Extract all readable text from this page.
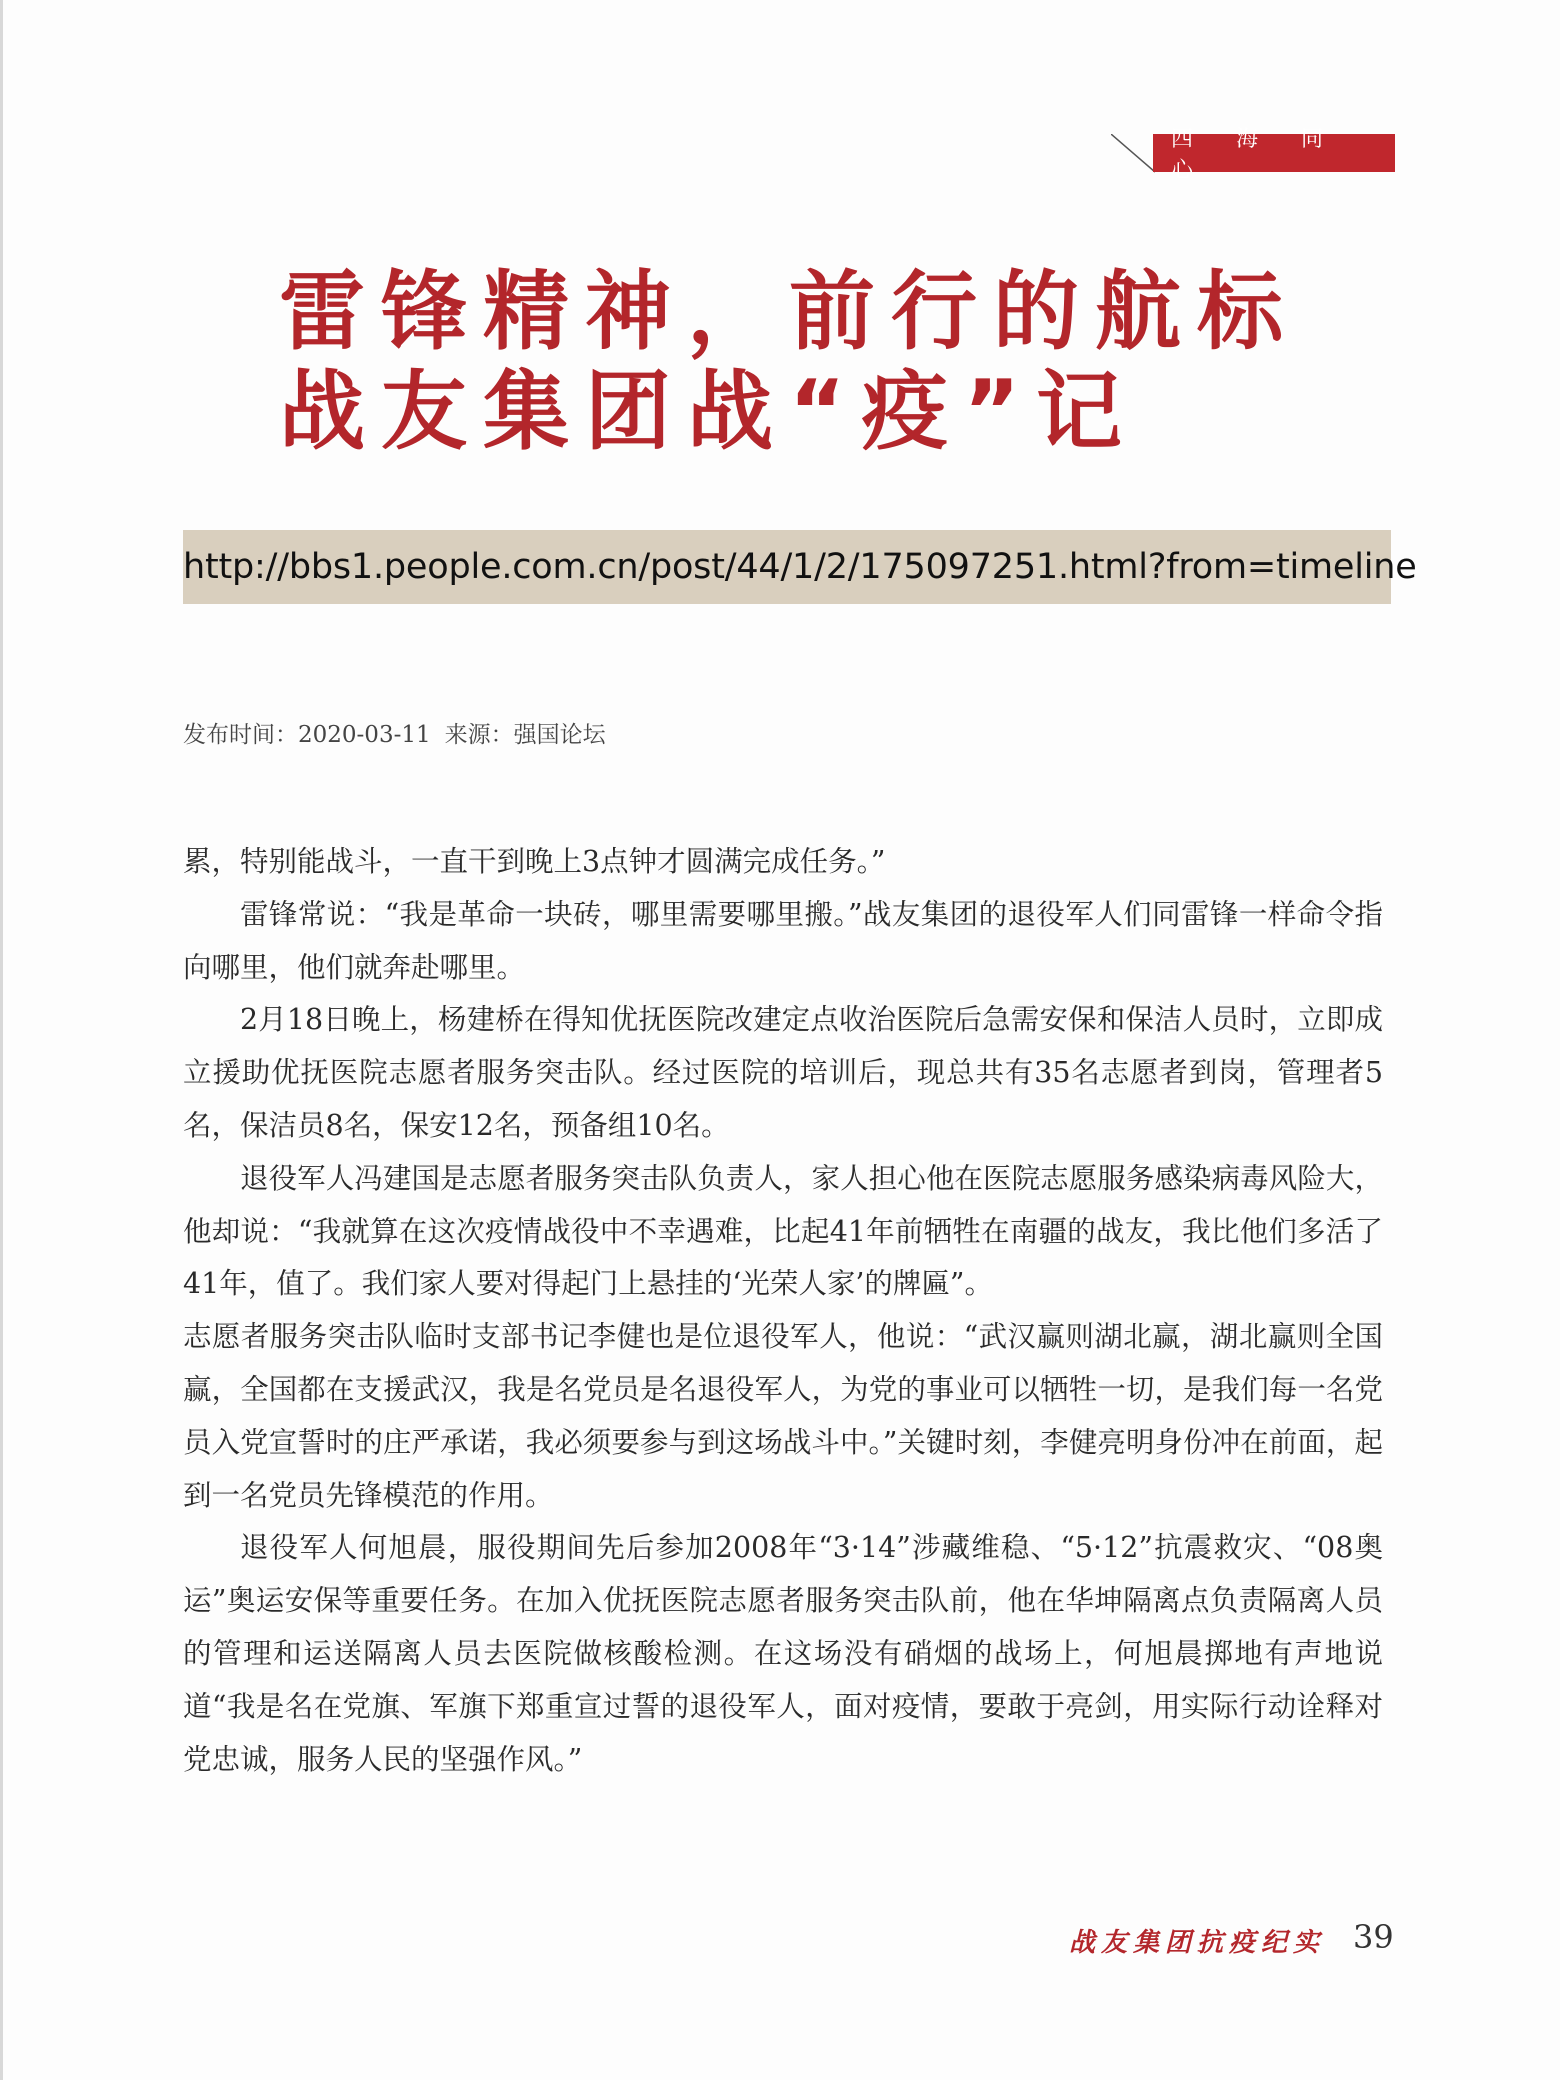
四 海 同 心
雷锋精神，前行的航标
战友集团战“疫”记
http://bbs1.people.com.cn/post/44/1/2/175097251.html?from=timeline
发布时间：2020-03-11 来源：强国论坛

累，特别能战斗，一直干到晚上3点钟才圆满完成任务。”

雷锋常说：“我是革命一块砖，哪里需要哪里搬。”战友集团的退役军人们同雷锋一样命令指向哪里，他们就奔赴哪里。

2月18日晚上，杨建桥在得知优抚医院改建定点收治医院后急需安保和保洁人员时，立即成立援助优抚医院志愿者服务突击队。经过医院的培训后，现总共有35名志愿者到岗，管理者5名，保洁员8名，保安12名，预备组10名。

退役军人冯建国是志愿者服务突击队负责人，家人担心他在医院志愿服务感染病毒风险大，他却说：“我就算在这次疫情战役中不幸遇难，比起41年前牺牲在南疆的战友，我比他们多活了41年，值了。我们家人要对得起门上悬挂的‘光荣人家’的牌匾”。

志愿者服务突击队临时支部书记李健也是位退役军人，他说：“武汉赢则湖北赢，湖北赢则全国赢，全国都在支援武汉，我是名党员是名退役军人，为党的事业可以牺牲一切，是我们每一名党员入党宣誓时的庄严承诺，我必须要参与到这场战斗中。”关键时刻，李健亮明身份冲在前面，起到一名党员先锋模范的作用。

退役军人何旭晨，服役期间先后参加2008年“3·14”涉藏维稳、“5·12”抗震救灾、“08奥运”奥运安保等重要任务。在加入优抚医院志愿者服务突击队前，他在华坤隔离点负责隔离人员的管理和运送隔离人员去医院做核酸检测。在这场没有硝烟的战场上，何旭晨掷地有声地说道“我是名在党旗、军旗下郑重宣过誓的退役军人，面对疫情，要敢于亮剑，用实际行动诠释对党忠诚，服务人民的坚强作风。”

战友集团抗疫纪实 39
